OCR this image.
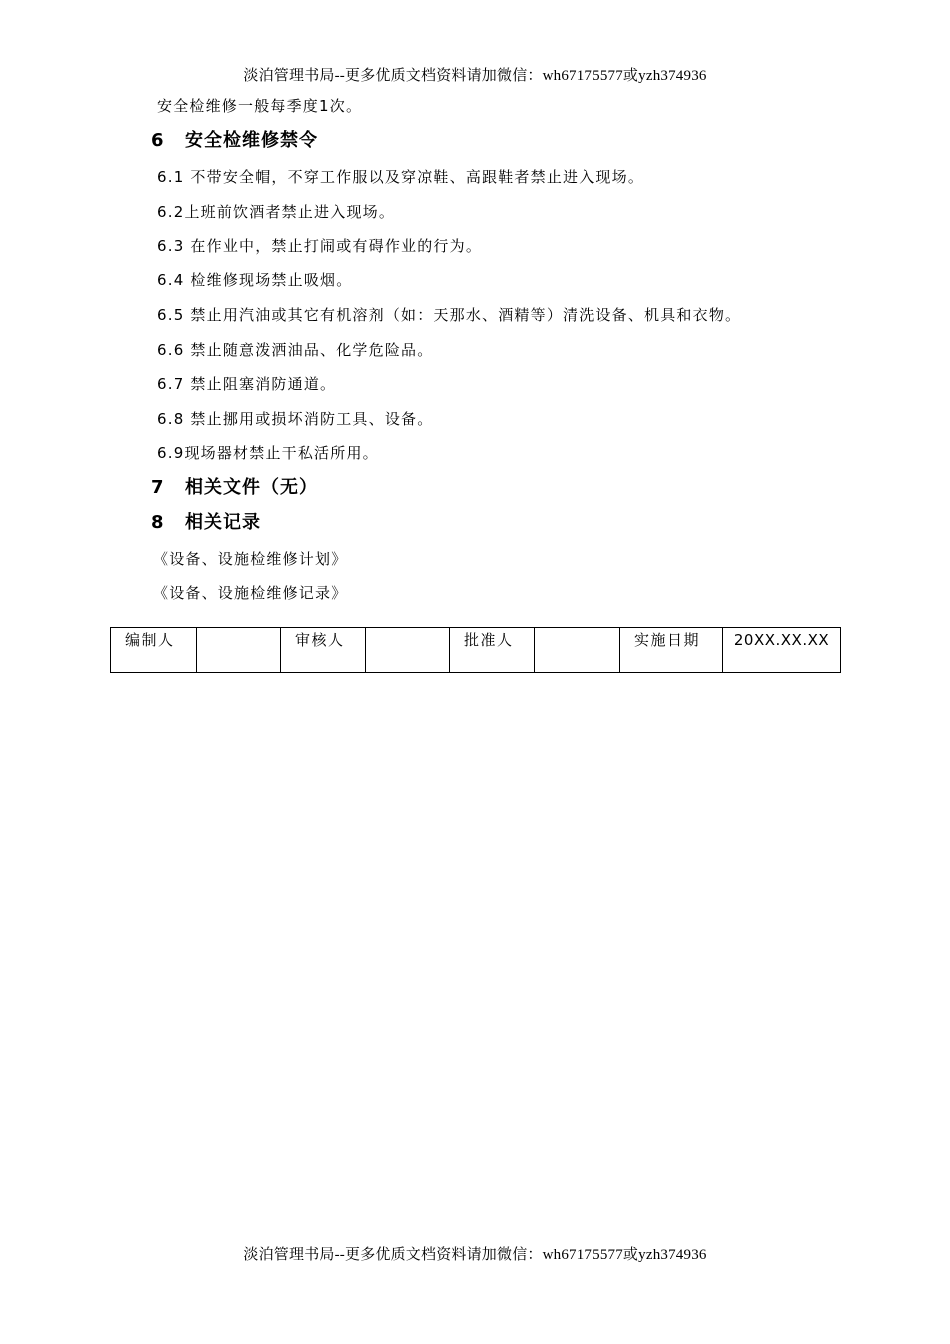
淡泊管理书局--更多优质文档资料请加微信：wh67175577或yzh374936
安全检维修一般每季度1次。
6 安全检维修禁令
6.1 不带安全帽，不穿工作服以及穿凉鞋、高跟鞋者禁止进入现场。
6.2上班前饮酒者禁止进入现场。
6.3 在作业中，禁止打闹或有碍作业的行为。
6.4 检维修现场禁止吸烟。
6.5 禁止用汽油或其它有机溶剂（如：天那水、酒精等）清洗设备、机具和衣物。
6.6 禁止随意泼洒油品、化学危险品。
6.7 禁止阻塞消防通道。
6.8 禁止挪用或损坏消防工具、设备。
6.9现场器材禁止干私活所用。
7 相关文件（无）
8 相关记录
《设备、设施检维修计划》
《设备、设施检维修记录》
编制人		审核人		批准人		实施日期	20XX.XX.XX
淡泊管理书局--更多优质文档资料请加微信：wh67175577或yzh374936
